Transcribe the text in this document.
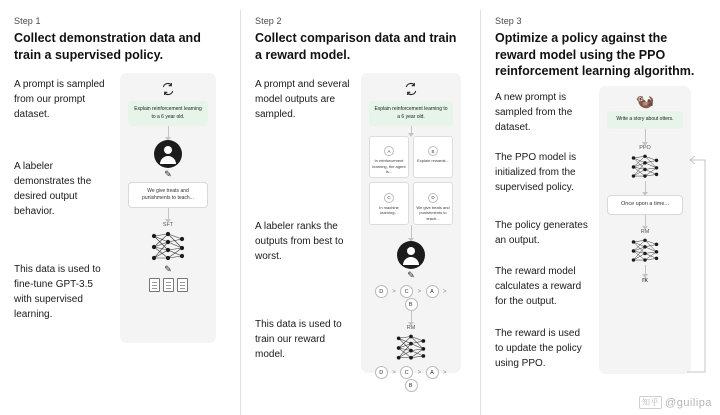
Step 1
Collect demonstration data and train a supervised policy.
A prompt is sampled from our prompt dataset.
A labeler demonstrates the desired output behavior.
This data is used to fine-tune GPT-3.5 with supervised learning.
Explain reinforcement learning to a 6 year old.
✎
We give treats and punishments to teach...
SFT
✎
Step 2
Collect comparison data and train a reward model.
A prompt and several model outputs are sampled.
A labeler ranks the outputs from best to worst.
This data is used to train our reward model.
Explain reinforcement learning to a 6 year old.
A
In reinforcement learning, the agent is...
B
Explain rewards...
C
In machine learning...
D
We give treats and punishments to teach...
✎
D > C > A > B
RM
D > C > A > B
Step 3
Optimize a policy against the reward model using the PPO reinforcement learning algorithm.
A new prompt is sampled from the dataset.
The PPO model is initialized from the supervised policy.
The policy generates an output.
The reward model calculates a reward for the output.
The reward is used to update the policy using PPO.
🦦
Write a story about otters.
PPO
Once upon a time...
RM
rk
知乎 @guilipa
